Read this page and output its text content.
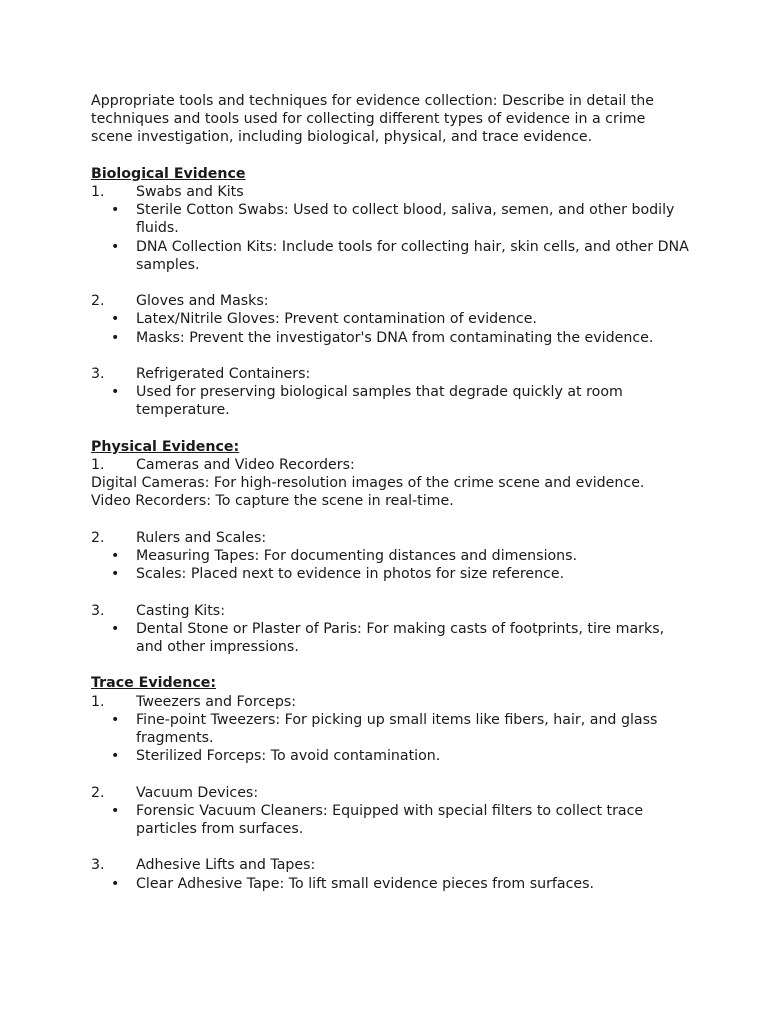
Appropriate tools and techniques for evidence collection: Describe in detail the techniques and tools used for collecting different types of evidence in a crime scene investigation, including biological, physical, and trace evidence.

Biological Evidence
1.	Swabs and Kits
• Sterile Cotton Swabs: Used to collect blood, saliva, semen, and other bodily fluids.
• DNA Collection Kits: Include tools for collecting hair, skin cells, and other DNA samples.
2.	Gloves and Masks:
• Latex/Nitrile Gloves: Prevent contamination of evidence.
• Masks: Prevent the investigator's DNA from contaminating the evidence.
3.	Refrigerated Containers:
• Used for preserving biological samples that degrade quickly at room temperature.
Physical Evidence:
1.	Cameras and Video Recorders:

Digital Cameras: For high-resolution images of the crime scene and evidence.

Video Recorders: To capture the scene in real-time.

2.	Rulers and Scales:
• Measuring Tapes: For documenting distances and dimensions.
• Scales: Placed next to evidence in photos for size reference.
3.	Casting Kits:
• Dental Stone or Plaster of Paris: For making casts of footprints, tire marks, and other impressions.
Trace Evidence:
1.	Tweezers and Forceps:
• Fine-point Tweezers: For picking up small items like fibers, hair, and glass fragments.
• Sterilized Forceps: To avoid contamination.
2.	Vacuum Devices:
• Forensic Vacuum Cleaners: Equipped with special filters to collect trace particles from surfaces.
3.	Adhesive Lifts and Tapes:
• Clear Adhesive Tape: To lift small evidence pieces from surfaces.
